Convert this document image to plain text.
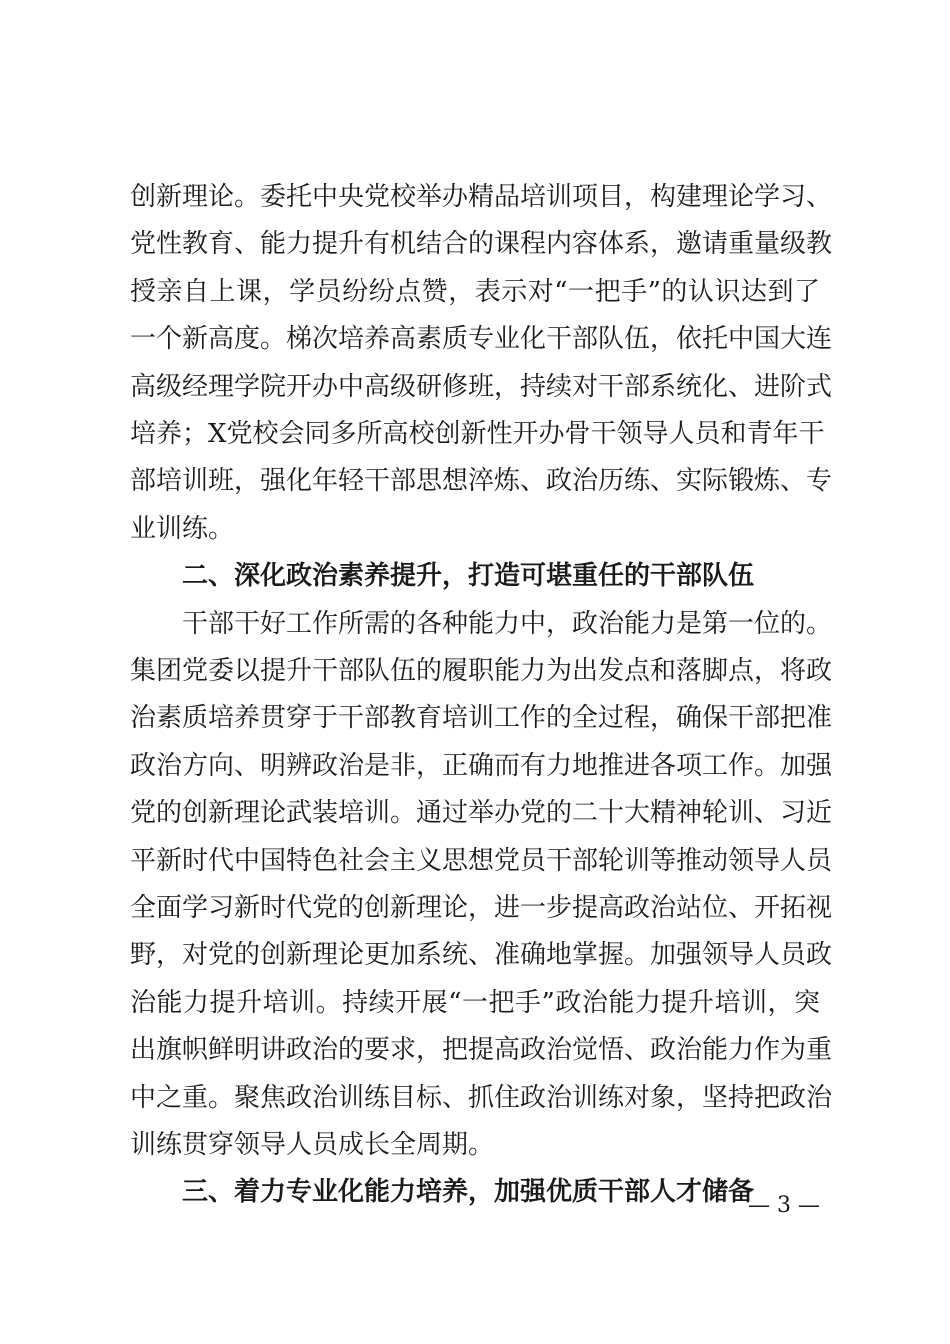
创新理论。委托中央党校举办精品培训项目，构建理论学习、
党性教育、能力提升有机结合的课程内容体系，邀请重量级教
授亲自上课，学员纷纷点赞，表示对“一把手”的认识达到了
一个新高度。梯次培养高素质专业化干部队伍，依托中国大连
高级经理学院开办中高级研修班，持续对干部系统化、进阶式
培养；X党校会同多所高校创新性开办骨干领导人员和青年干
部培训班，强化年轻干部思想淬炼、政治历练、实际锻炼、专
业训练。
二、深化政治素养提升，打造可堪重任的干部队伍
干部干好工作所需的各种能力中，政治能力是第一位的。
集团党委以提升干部队伍的履职能力为出发点和落脚点，将政
治素质培养贯穿于干部教育培训工作的全过程，确保干部把准
政治方向、明辨政治是非，正确而有力地推进各项工作。加强
党的创新理论武装培训。通过举办党的二十大精神轮训、习近
平新时代中国特色社会主义思想党员干部轮训等推动领导人员
全面学习新时代党的创新理论，进一步提高政治站位、开拓视
野，对党的创新理论更加系统、准确地掌握。加强领导人员政
治能力提升培训。持续开展“一把手”政治能力提升培训，突
出旗帜鲜明讲政治的要求，把提高政治觉悟、政治能力作为重
中之重。聚焦政治训练目标、抓住政治训练对象，坚持把政治
训练贯穿领导人员成长全周期。
三、着力专业化能力培养，加强优质干部人才储备
— 3 —
